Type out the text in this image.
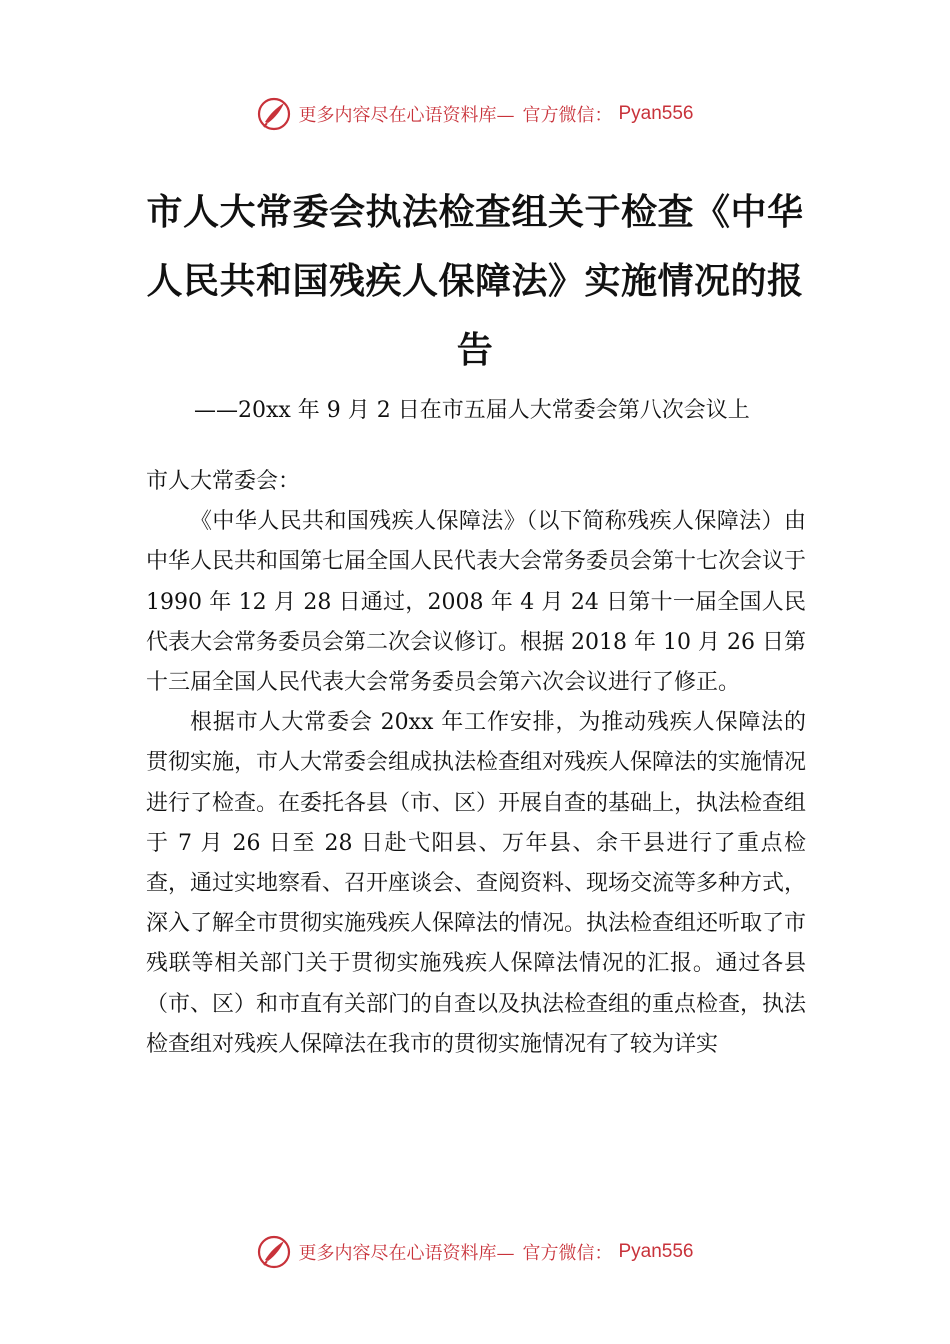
更多内容尽在心语资料库— 官方微信： Pyan556
市人大常委会执法检查组关于检查《中华人民共和国残疾人保障法》实施情况的报告
——20xx 年 9 月 2 日在市五届人大常委会第八次会议上

市人大常委会：

《中华人民共和国残疾人保障法》（以下简称残疾人保障法）由中华人民共和国第七届全国人民代表大会常务委员会第十七次会议于 1990 年 12 月 28 日通过，2008 年 4 月 24 日第十一届全国人民代表大会常务委员会第二次会议修订。根据 2018 年 10 月 26 日第十三届全国人民代表大会常务委员会第六次会议进行了修正。

根据市人大常委会 20xx 年工作安排，为推动残疾人保障法的贯彻实施，市人大常委会组成执法检查组对残疾人保障法的实施情况进行了检查。在委托各县（市、区）开展自查的基础上，执法检查组于 7 月 26 日至 28 日赴弋阳县、万年县、余干县进行了重点检查，通过实地察看、召开座谈会、查阅资料、现场交流等多种方式，深入了解全市贯彻实施残疾人保障法的情况。执法检查组还听取了市残联等相关部门关于贯彻实施残疾人保障法情况的汇报。通过各县（市、区）和市直有关部门的自查以及执法检查组的重点检查，执法检查组对残疾人保障法在我市的贯彻实施情况有了较为详实

更多内容尽在心语资料库— 官方微信： Pyan556
